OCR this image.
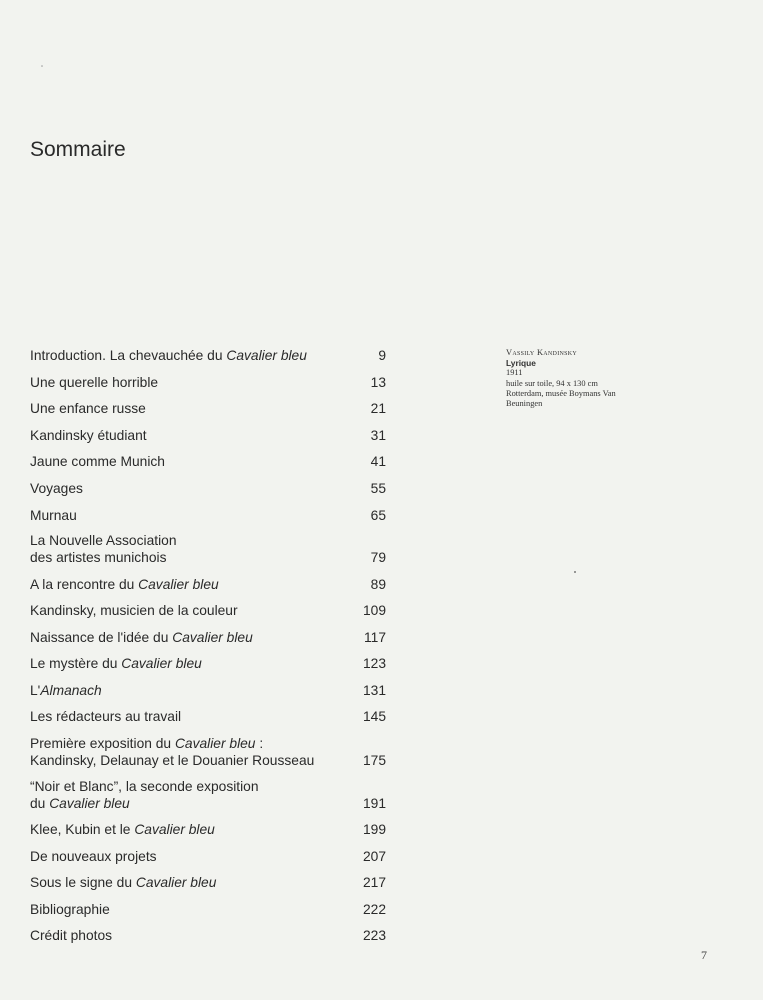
Sommaire
Introduction. La chevauchée du Cavalier bleu	9
Une querelle horrible	13
Une enfance russe	21
Kandinsky étudiant	31
Jaune comme Munich	41
Voyages	55
Murnau	65
La Nouvelle Association
des artistes munichois	79
A la rencontre du Cavalier bleu	89
Kandinsky, musicien de la couleur	109
Naissance de l'idée du Cavalier bleu	117
Le mystère du Cavalier bleu	123
L'Almanach	131
Les rédacteurs au travail	145
Première exposition du Cavalier bleu :
Kandinsky, Delaunay et le Douanier Rousseau	175
“Noir et Blanc”, la seconde exposition
du Cavalier bleu	191
Klee, Kubin et le Cavalier bleu	199
De nouveaux projets	207
Sous le signe du Cavalier bleu	217
Bibliographie	222
Crédit photos	223
Vassily Kandinsky
Lyrique
1911
huile sur toile, 94 x 130 cm
Rotterdam, musée Boymans Van Beuningen
7
